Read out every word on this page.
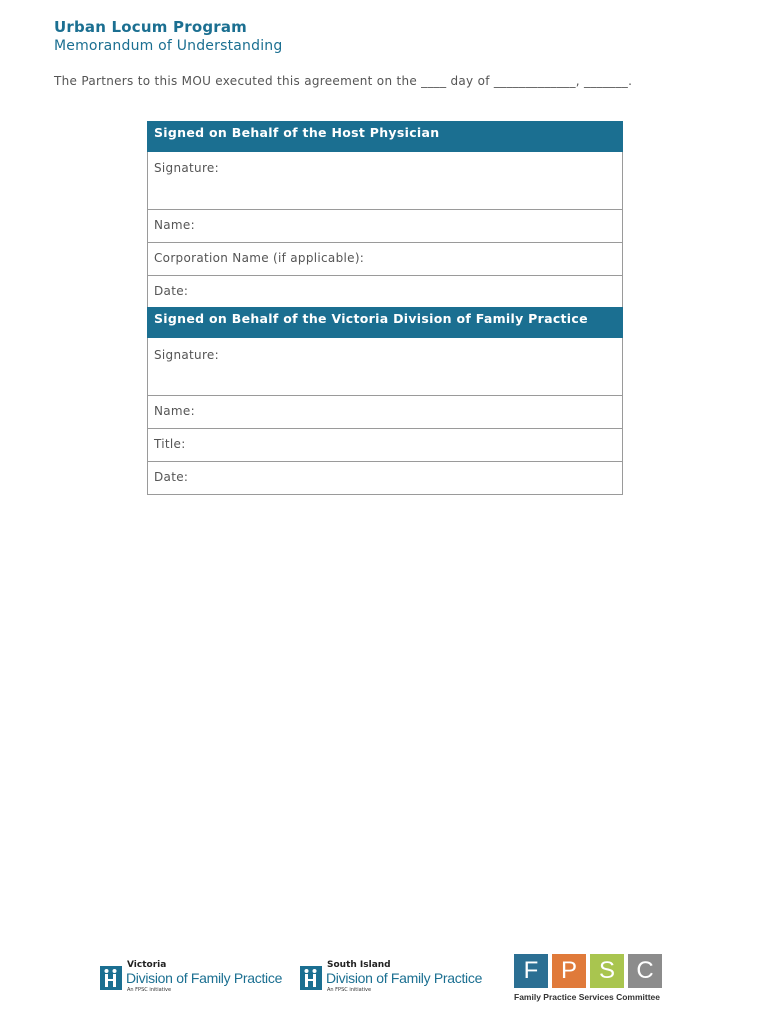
Urban Locum Program
Memorandum of Understanding
The Partners to this MOU executed this agreement on the ____ day of _____________, _______.
Signed on Behalf of the Host Physician
Signature:
Name:
Corporation Name (if applicable):
Date:
Signed on Behalf of the Victoria Division of Family Practice
Signature:
Name:
Title:
Date:
Victoria
Division of Family Practice
An FPSC initiative
South Island
Division of Family Practice
An FPSC initiative
F P S C
Family Practice Services Committee
